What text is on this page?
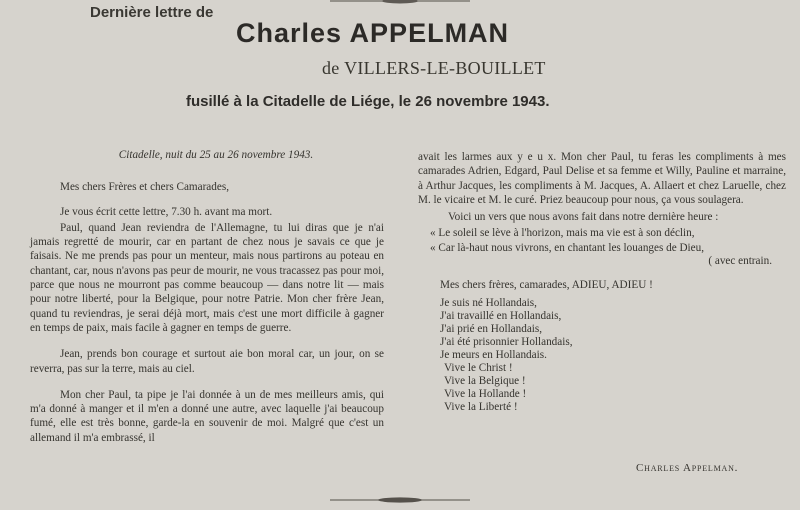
Dernière lettre de
Charles APPELMAN
de VILLERS-LE-BOUILLET
fusillé à la Citadelle de Liége, le 26 novembre 1943.
Citadelle, nuit du 25 au 26 novembre 1943.
Mes chers Frères et chers Camarades,
Je vous écrit cette lettre, 7.30 h. avant ma mort.
Paul, quand Jean reviendra de l'Allemagne, tu lui diras que je n'ai jamais regretté de mourir, car en partant de chez nous je savais ce que je faisais. Ne me prends pas pour un menteur, mais nous partirons au poteau en chantant, car, nous n'avons pas peur de mourir, ne vous tracassez pas pour moi, parce que nous ne mourront pas comme beaucoup — dans notre lit — mais pour notre liberté, pour la Belgique, pour notre Patrie. Mon cher frère Jean, quand tu reviendras, je serai déjà mort, mais c'est une mort difficile à gagner en temps de paix, mais facile à gagner en temps de guerre.
Jean, prends bon courage et surtout aie bon moral car, un jour, on se reverra, pas sur la terre, mais au ciel.
Mon cher Paul, ta pipe je l'ai donnée à un de mes meilleurs amis, qui m'a donné à manger et il m'en a donné une autre, avec laquelle j'ai beaucoup fumé, elle est très bonne, garde-la en souvenir de moi. Malgré que c'est un allemand il m'a embrassé, il
avait les larmes aux y e u x. Mon cher Paul, tu feras les compliments à mes camarades Adrien, Edgard, Paul Delise et sa femme et Willy, Pauline et marraine, à Arthur Jacques, les compliments à M. Jacques, A. Allaert et chez Laruelle, chez M. le vicaire et M. le curé. Priez beaucoup pour nous, ça vous soulagera.
Voici un vers que nous avons fait dans notre dernière heure :
« Le soleil se lève à l'horizon, mais ma vie est à son déclin,
« Car là-haut nous vivrons, en chantant les louanges de Dieu,
( avec entrain.
Mes chers frères, camarades, ADIEU, ADIEU !
Je suis né Hollandais,
J'ai travaillé en Hollandais,
J'ai prié en Hollandais,
J'ai été prisonnier Hollandais,
Je meurs en Hollandais.
Vive le Christ !
Vive la Belgique !
Vive la Hollande !
Vive la Liberté !
Charles Appelman.
